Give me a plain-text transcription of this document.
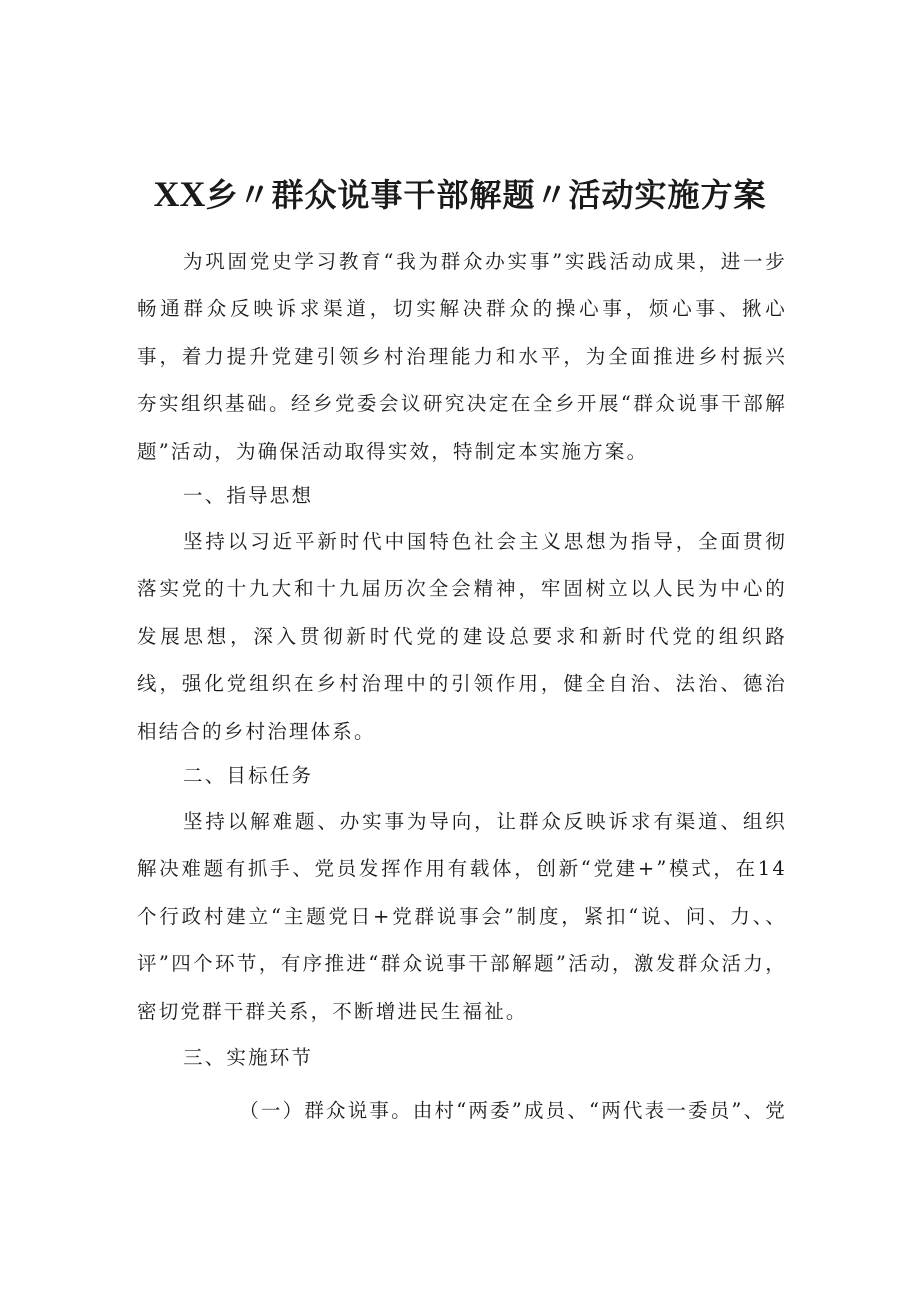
XX乡〃群众说事干部解题〃活动实施方案

为巩固党史学习教育“我为群众办实事”实践活动成果，进一步畅通群众反映诉求渠道，切实解决群众的操心事，烦心事、揪心事，着力提升党建引领乡村治理能力和水平，为全面推进乡村振兴夯实组织基础。经乡党委会议研究决定在全乡开展“群众说事干部解题”活动，为确保活动取得实效，特制定本实施方案。

一、指导思想

坚持以习近平新时代中国特色社会主义思想为指导，全面贯彻落实党的十九大和十九届历次全会精神，牢固树立以人民为中心的发展思想，深入贯彻新时代党的建设总要求和新时代党的组织路线，强化党组织在乡村治理中的引领作用，健全自治、法治、德治相结合的乡村治理体系。

二、目标任务

坚持以解难题、办实事为导向，让群众反映诉求有渠道、组织解决难题有抓手、党员发挥作用有载体，创新“党建+”模式，在14个行政村建立“主题党日+党群说事会”制度，紧扣“说、问、力、、评”四个环节，有序推进“群众说事干部解题”活动，激发群众活力，密切党群干群关系，不断增进民生福祉。

三、实施环节

（一）群众说事。由村“两委”成员、“两代表一委员”、党
